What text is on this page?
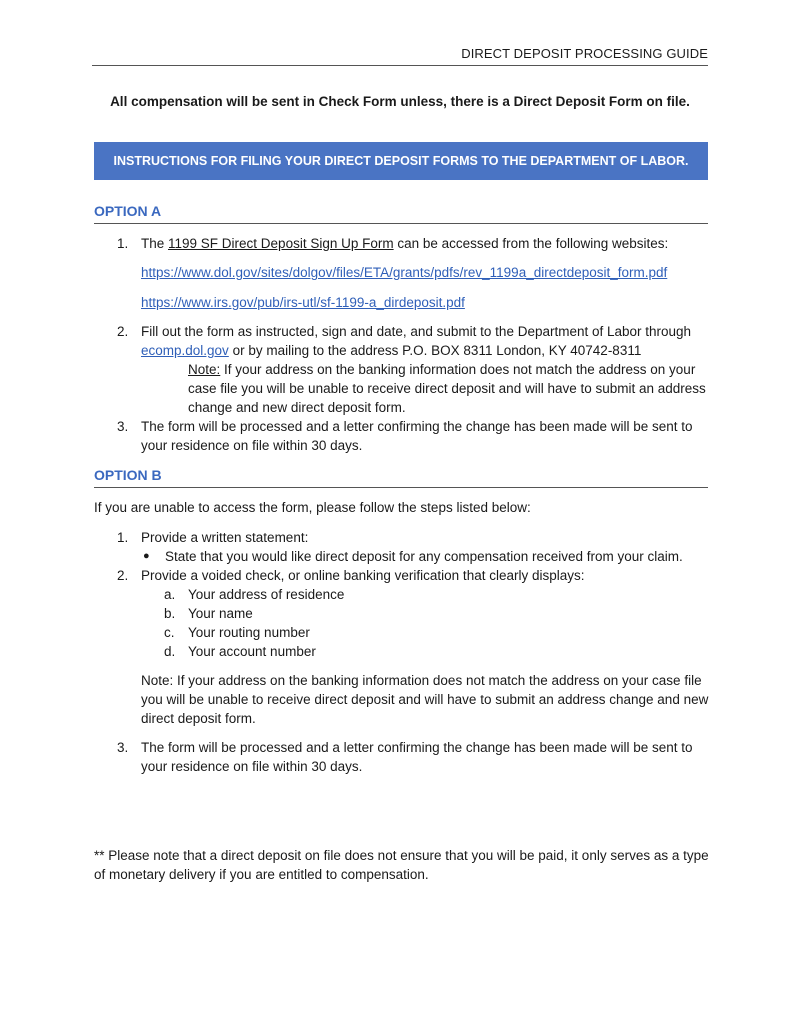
DIRECT DEPOSIT PROCESSING GUIDE
All compensation will be sent in Check Form unless, there is a Direct Deposit Form on file.
INSTRUCTIONS FOR FILING YOUR DIRECT DEPOSIT FORMS TO THE DEPARTMENT OF LABOR.
OPTION A
1. The 1199 SF Direct Deposit Sign Up Form can be accessed from the following websites:
https://www.dol.gov/sites/dolgov/files/ETA/grants/pdfs/rev_1199a_directdeposit_form.pdf
https://www.irs.gov/pub/irs-utl/sf-1199-a_dirdeposit.pdf
2. Fill out the form as instructed, sign and date, and submit to the Department of Labor through
ecomp.dol.gov or by mailing to the address P.O. BOX 8311 London, KY 40742-8311
Note: If your address on the banking information does not match the address on your
case file you will be unable to receive direct deposit and will have to submit an address
change and new direct deposit form.
3. The form will be processed and a letter confirming the change has been made will be sent to
your residence on file within 30 days.
OPTION B
If you are unable to access the form, please follow the steps listed below:
1. Provide a written statement:
● State that you would like direct deposit for any compensation received from your claim.
2. Provide a voided check, or online banking verification that clearly displays:
a. Your address of residence
b. Your name
c. Your routing number
d. Your account number
Note: If your address on the banking information does not match the address on your case file
you will be unable to receive direct deposit and will have to submit an address change and new
direct deposit form.
3. The form will be processed and a letter confirming the change has been made will be sent to
your residence on file within 30 days.
** Please note that a direct deposit on file does not ensure that you will be paid, it only serves as a type
of monetary delivery if you are entitled to compensation.
